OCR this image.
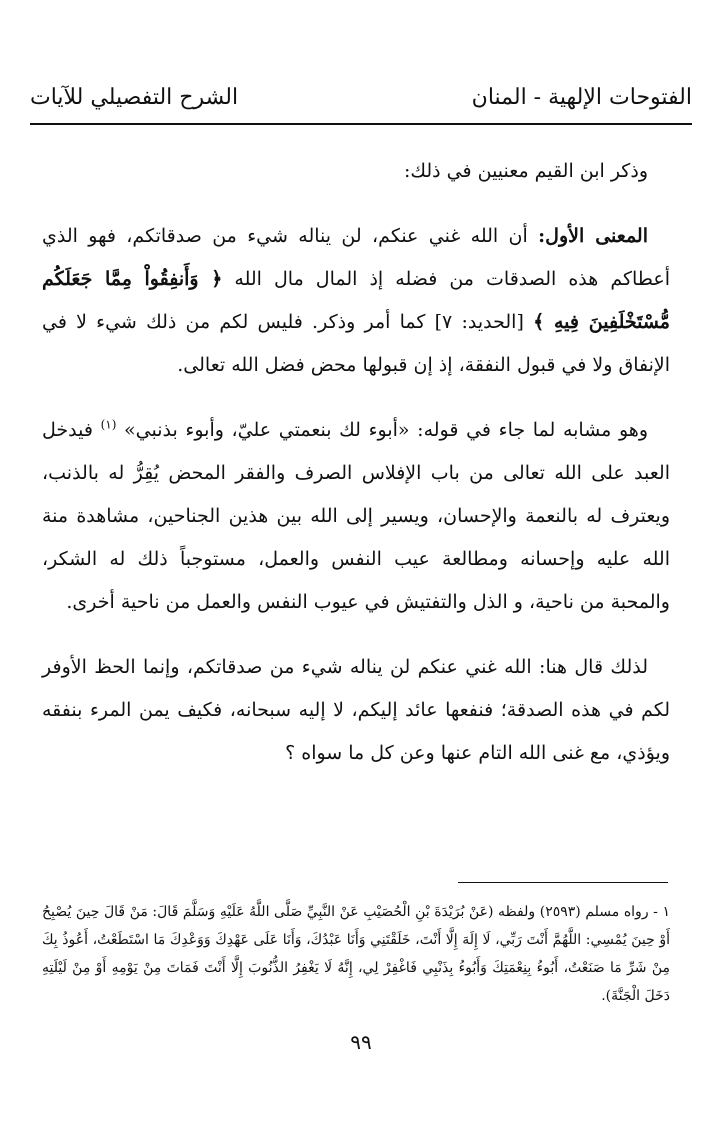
الفتوحات الإلهية - المنان
الشرح التفصيلي للآيات

وذكر ابن القيم معنيين في ذلك:

المعنى الأول: أن الله غني عنكم، لن يناله شيء من صدقاتكم، فهو الذي أعطاكم هذه الصدقات من فضله إذ المال مال الله ﴿ وَأَنفِقُواْ مِمَّا جَعَلَكُم مُّسْتَخْلَفِينَ فِيهِ ﴾ [الحديد: ٧] كما أمر وذكر. فليس لكم من ذلك شيء لا في الإنفاق ولا في قبول النفقة، إذ إن قبولها محض فضل الله تعالى.

وهو مشابه لما جاء في قوله: «أبوء لك بنعمتي عليّ، وأبوء بذنبي» $^{(١)}$ فيدخل العبد على الله تعالى من باب الإفلاس الصرف والفقر المحض يُقِرُّ له بالذنب، ويعترف له بالنعمة والإحسان، ويسير إلى الله بين هذين الجناحين، مشاهدة منة الله عليه وإحسانه ومطالعة عيب النفس والعمل، مستوجباً ذلك له الشكر، والمحبة من ناحية، و الذل والتفتيش في عيوب النفس والعمل من ناحية أخرى.

لذلك قال هنا: الله غني عنكم لن يناله شيء من صدقاتكم، وإنما الحظ الأوفر لكم في هذه الصدقة؛ فنفعها عائد إليكم، لا إليه سبحانه، فكيف يمن المرء بنفقه ويؤذي، مع غنى الله التام عنها وعن كل ما سواه ؟

١ - رواه مسلم (٢٥٩٣) ولفظه (عَنْ بُرَيْدَةَ بْنِ الْحُصَيْبِ عَنْ النَّبِيِّ صَلَّى اللَّهُ عَلَيْهِ وَسَلَّمَ قَالَ: مَنْ قَالَ حِينَ يُصْبِحُ أَوْ حِينَ يُمْسِي: اللَّهُمَّ أَنْتَ رَبِّي، لَا إِلَهَ إِلَّا أَنْتَ، خَلَقْتَنِي وَأَنَا عَبْدُكَ، وَأَنَا عَلَى عَهْدِكَ وَوَعْدِكَ مَا اسْتَطَعْتُ، أَعُوذُ بِكَ مِنْ شَرِّ مَا صَنَعْتُ، أَبُوءُ بِنِعْمَتِكَ وَأَبُوءُ بِذَنْبِي فَاغْفِرْ لِي، إِنَّهُ لَا يَغْفِرُ الذُّنُوبَ إِلَّا أَنْتَ فَمَاتَ مِنْ يَوْمِهِ أَوْ مِنْ لَيْلَتِهِ دَخَلَ الْجَنَّةَ).
٩٩
